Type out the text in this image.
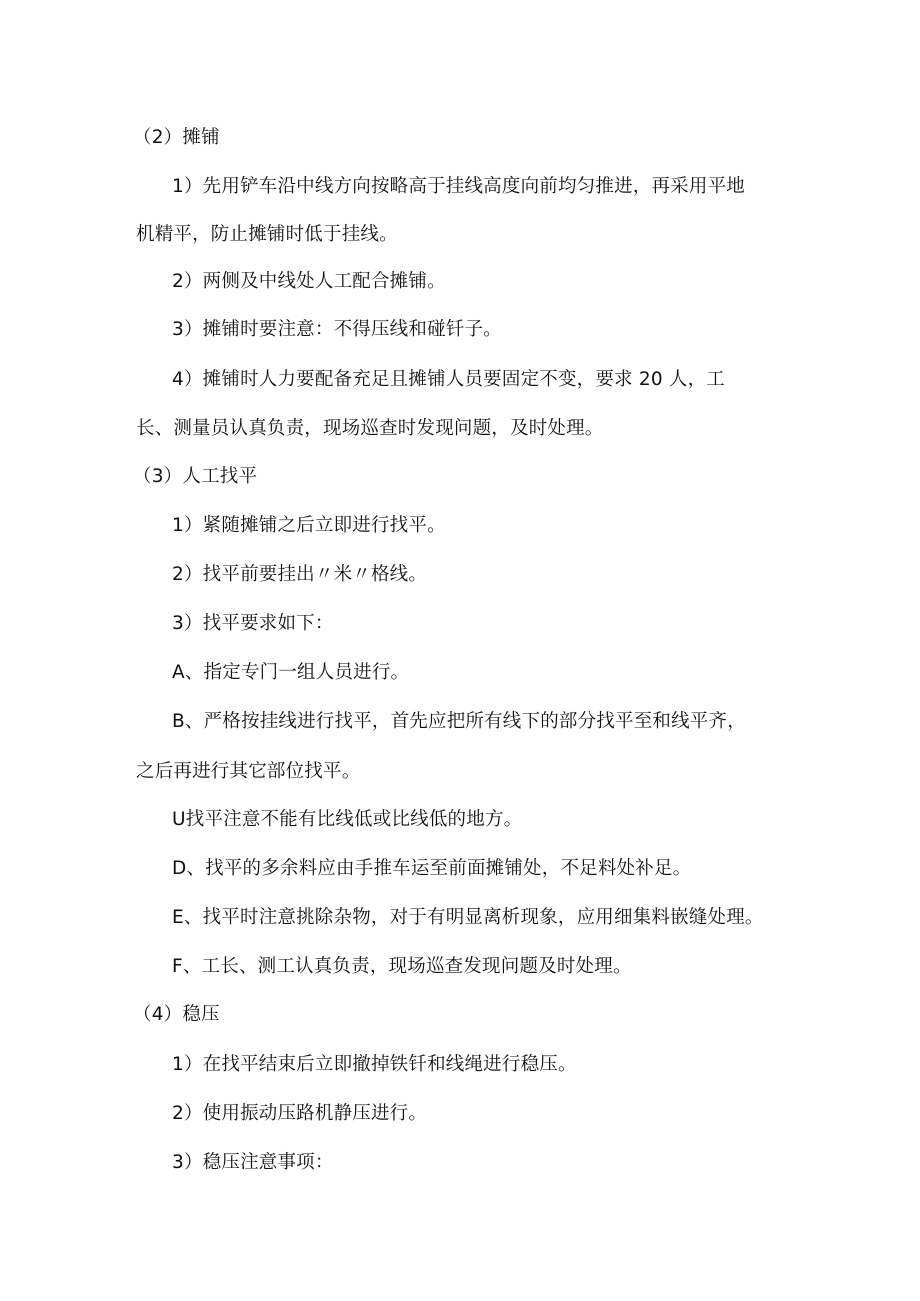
（2）摊铺
1）先用铲车沿中线方向按略高于挂线高度向前均匀推进，再采用平地
机精平，防止摊铺时低于挂线。
2）两侧及中线处人工配合摊铺。
3）摊铺时要注意：不得压线和碰钎子。
4）摊铺时人力要配备充足且摊铺人员要固定不变，要求 20 人，工
长、测量员认真负责，现场巡查时发现问题，及时处理。
（3）人工找平
1）紧随摊铺之后立即进行找平。
2）找平前要挂出〃米〃格线。
3）找平要求如下：
A、指定专门一组人员进行。
B、严格按挂线进行找平，首先应把所有线下的部分找平至和线平齐，
之后再进行其它部位找平。
U找平注意不能有比线低或比线低的地方。
D、找平的多余料应由手推车运至前面摊铺处，不足料处补足。
E、找平时注意挑除杂物，对于有明显离析现象，应用细集料嵌缝处理。
F、工长、测工认真负责，现场巡查发现问题及时处理。
（4）稳压
1）在找平结束后立即撤掉铁钎和线绳进行稳压。
2）使用振动压路机静压进行。
3）稳压注意事项：
